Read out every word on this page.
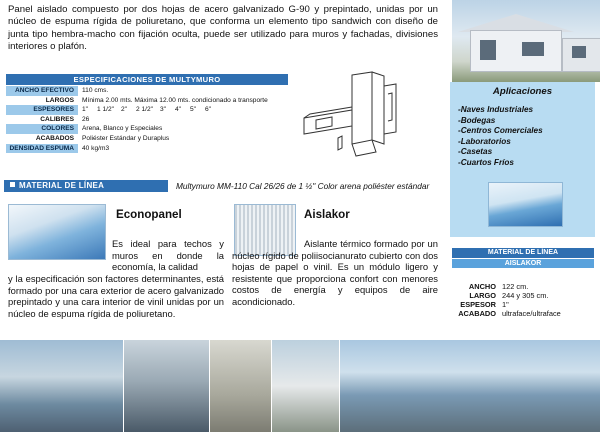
Panel aislado compuesto por dos hojas de acero galvanizado G-90 y prepintado, unidas por un núcleo de espuma rígida de poliuretano, que conforma un elemento tipo sandwich con diseño de junta tipo hembra-macho con fijación oculta, puede ser utilizado para muros y fachadas, divisiones interiores o plafón.

ESPECIFICACIONES DE MULTYMURO
ANCHO EFECTIVO	110 cms.
LARGOS	Mínima 2.00 mts. Máxima 12.00 mts. condicionado a transporte
ESPESORES	1"	1 1/2"	2"	2 1/2"	3"	4"	5"	6"
CALIBRES	26
COLORES	Arena, Blanco y Especiales
ACABADOS	Poliéster Estándar y Duraplus
DENSIDAD ESPUMA	40 kg/m3
Aplicaciones
-Naves Industriales
-Bodegas
-Centros Comerciales
-Laboratorios
-Casetas
-Cuartos Fríos
MATERIAL DE LÍNEA	Multymuro MM-110 Cal 26/26 de 1 ½" Color arena poliéster estándar
Econopanel

Es ideal para techos y muros en donde la economía, la calidad

y la especificación son factores determinantes, está formado por una cara exterior de acero galvanizado prepintado y una cara interior de vinil unidas por un núcleo de espuma rígida de poliuretano.

Aislakor

Aislante térmico formado por un núcleo rígido de poliisocianurato cubierto con dos hojas de papel o vinil. Es un módulo ligero y resistente que proporciona confort con menores costos de energía y equipos de aire acondicionado.

MATERIAL DE LÍNEA
AISLAKOR
ANCHO 122 cm.
LARGO 244 y 305 cm.
ESPESOR 1"
ACABADO ultraface/ultraface
